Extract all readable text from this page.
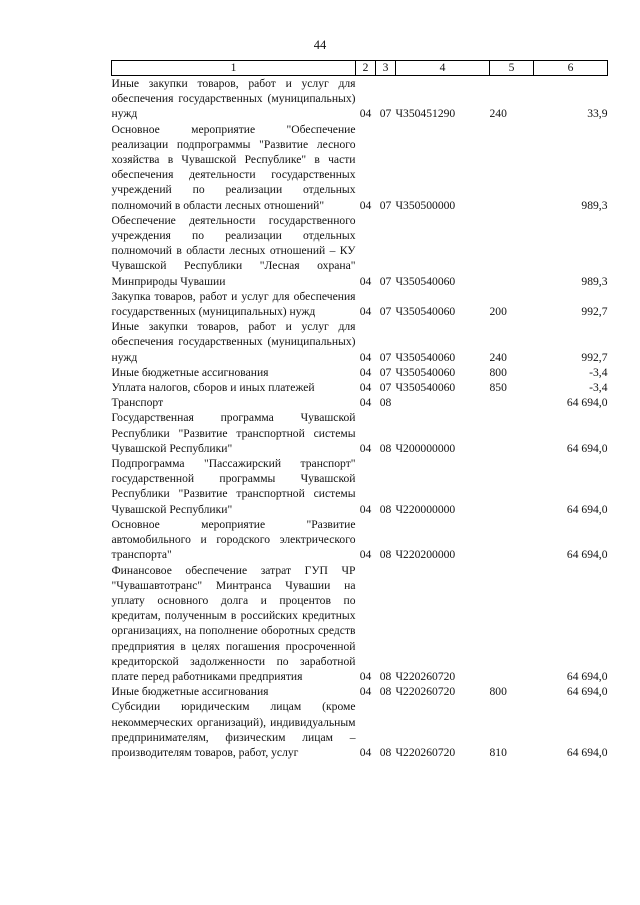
44
1	2	3	4	5	6
Иные закупки товаров, работ и услуг для обеспечения государственных (муниципальных) нужд	04	07	Ч350451290	240	33,9
Основное мероприятие "Обеспечение реализации подпрограммы "Развитие лесного хозяйства в Чувашской Республике" в части обеспечения деятельности государственных учреждений по реализации отдельных полномочий в области лесных отношений"	04	07	Ч350500000		989,3
Обеспечение деятельности государственного учреждения по реализации отдельных полномочий в области лесных отношений – КУ Чувашской Республики "Лесная охрана" Минприроды Чувашии	04	07	Ч350540060		989,3
Закупка товаров, работ и услуг для обеспечения государственных (муниципальных) нужд	04	07	Ч350540060	200	992,7
Иные закупки товаров, работ и услуг для обеспечения государственных (муниципальных) нужд	04	07	Ч350540060	240	992,7
Иные бюджетные ассигнования	04	07	Ч350540060	800	-3,4
Уплата налогов, сборов и иных платежей	04	07	Ч350540060	850	-3,4
Транспорт	04	08			64 694,0
Государственная программа Чувашской Республики "Развитие транспортной системы Чувашской Республики"	04	08	Ч200000000		64 694,0
Подпрограмма "Пассажирский транспорт" государственной программы Чувашской Республики "Развитие транспортной системы Чувашской Республики"	04	08	Ч220000000		64 694,0
Основное мероприятие "Развитие автомобильного и городского электрического транспорта"	04	08	Ч220200000		64 694,0
Финансовое обеспечение затрат ГУП ЧР "Чувашавтотранс" Минтранса Чувашии на уплату основного долга и процентов по кредитам, полученным в российских кредитных организациях, на пополнение оборотных средств предприятия в целях погашения просроченной кредиторской задолженности по заработной плате перед работниками предприятия	04	08	Ч220260720		64 694,0
Иные бюджетные ассигнования	04	08	Ч220260720	800	64 694,0
Субсидии юридическим лицам (кроме некоммерческих организаций), индивидуальным предпринимателям, физическим лицам – производителям товаров, работ, услуг	04	08	Ч220260720	810	64 694,0
